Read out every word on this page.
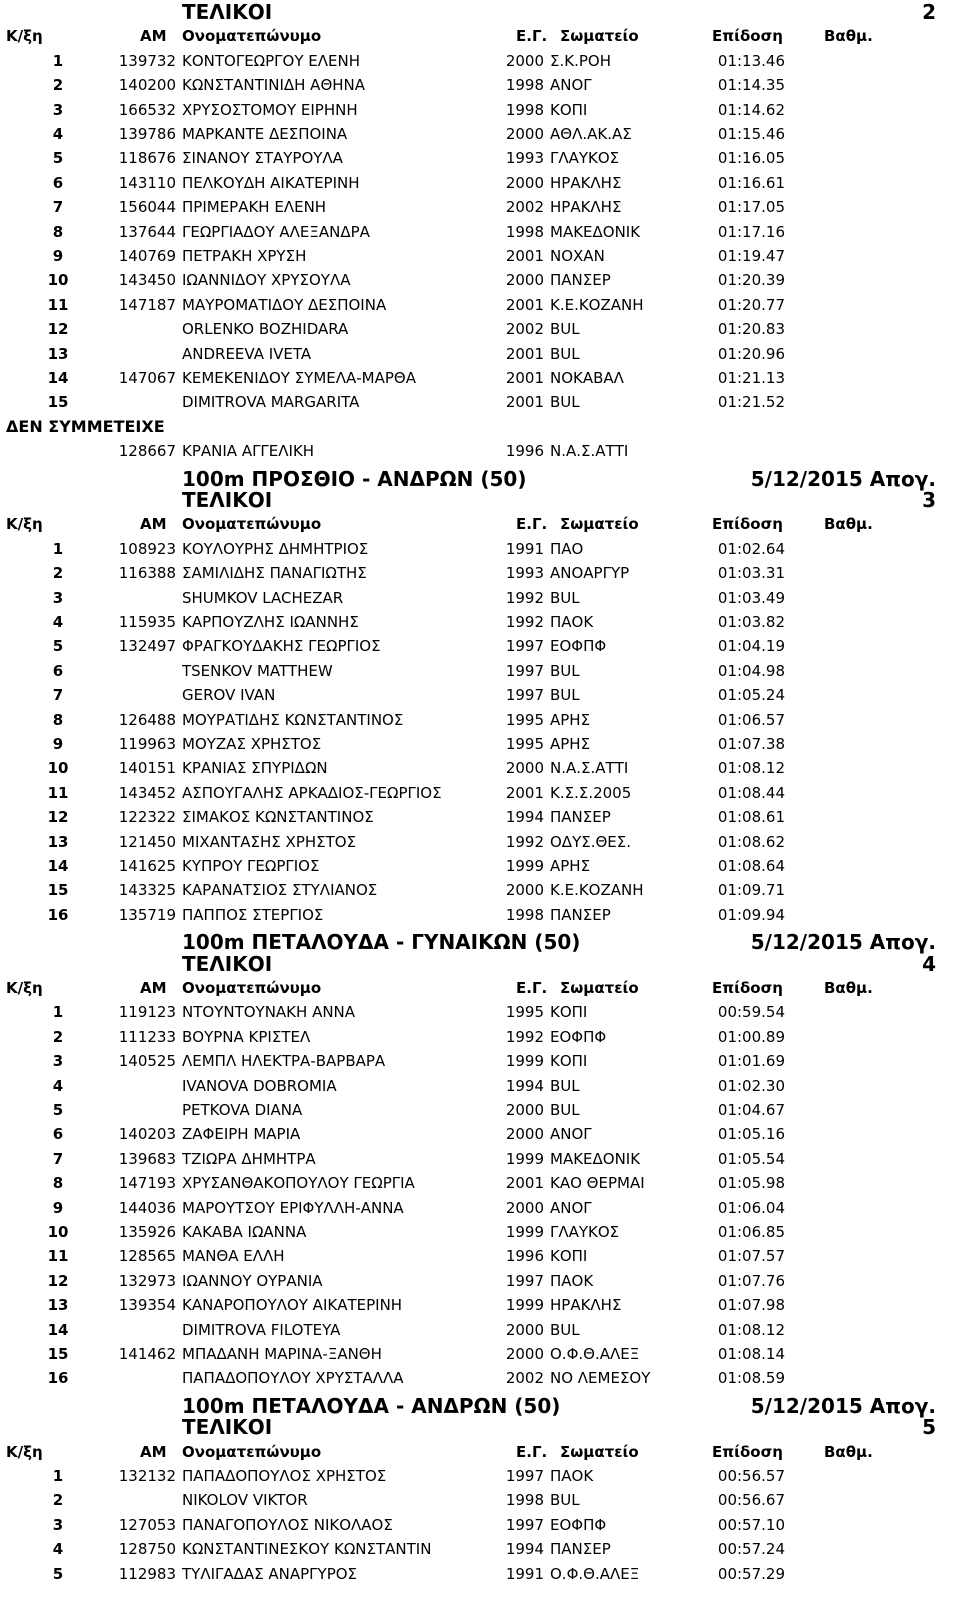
ΤΕΛΙΚΟΙ	2
Κ/ξη	ΑΜ Ονοματεπώνυμο	Ε.Γ. Σωματείο	Επίδοση	Βαθμ.
1	139732 ΚΟΝΤΟΓΕΩΡΓΟΥ ΕΛΕΝΗ	2000 Σ.Κ.ΡΟΗ	01:13.46
2	140200 ΚΩΝΣΤΑΝΤΙΝΙΔΗ ΑΘΗΝΑ	1998 ΑΝΟΓ	01:14.35
3	166532 ΧΡΥΣΟΣΤΟΜΟΥ ΕΙΡΗΝΗ	1998 ΚΟΠΙ	01:14.62
4	139786 ΜΑΡΚΑΝΤΕ ΔΕΣΠΟΙΝΑ	2000 ΑΘΛ.ΑΚ.ΑΣ	01:15.46
5	118676 ΣΙΝΑΝΟΥ ΣΤΑΥΡΟΥΛΑ	1993 ΓΛΑΥΚΟΣ	01:16.05
6	143110 ΠΕΛΚΟΥΔΗ ΑΙΚΑΤΕΡΙΝΗ	2000 ΗΡΑΚΛΗΣ	01:16.61
7	156044 ΠΡΙΜΕΡΑΚΗ ΕΛΕΝΗ	2002 ΗΡΑΚΛΗΣ	01:17.05
8	137644 ΓΕΩΡΓΙΑΔΟΥ ΑΛΕΞΑΝΔΡΑ	1998 ΜΑΚΕΔΟΝΙΚ	01:17.16
9	140769 ΠΕΤΡΑΚΗ ΧΡΥΣΗ	2001 ΝΟΧΑΝ	01:19.47
10	143450 ΙΩΑΝΝΙΔΟΥ ΧΡΥΣΟΥΛΑ	2000 ΠΑΝΣΕΡ	01:20.39
11	147187 ΜΑΥΡΟΜΑΤΙΔΟΥ ΔΕΣΠΟΙΝΑ	2001 Κ.Ε.ΚΟΖΑΝΗ	01:20.77
12	ORLENKO BOZHIDARA	2002 BUL	01:20.83
13	ANDREEVA IVETA	2001 BUL	01:20.96
14	147067 ΚΕΜΕΚΕΝΙΔΟΥ ΣΥΜΕΛΑ-ΜΑΡΘΑ	2001 ΝΟΚΑΒΑΛ	01:21.13
15	DIMITROVA MARGARITA	2001 BUL	01:21.52
ΔΕΝ ΣΥΜΜΕΤΕΙΧΕ
128667 ΚΡΑΝΙΑ ΑΓΓΕΛΙΚΗ	1996 Ν.Α.Σ.ΑΤΤΙ
100m ΠΡΟΣΘΙΟ - ΑΝΔΡΩΝ (50)	5/12/2015 Απογ.
ΤΕΛΙΚΟΙ	3
Κ/ξη	ΑΜ Ονοματεπώνυμο	Ε.Γ. Σωματείο	Επίδοση	Βαθμ.
1	108923 ΚΟΥΛΟΥΡΗΣ ΔΗΜΗΤΡΙΟΣ	1991 ΠΑΟ	01:02.64
2	116388 ΣΑΜΙΛΙΔΗΣ ΠΑΝΑΓΙΩΤΗΣ	1993 ΑΝΟΑΡΓΥΡ	01:03.31
3	SHUMKOV LACHEZAR	1992 BUL	01:03.49
4	115935 ΚΑΡΠΟΥΖΛΗΣ ΙΩΑΝΝΗΣ	1992 ΠΑΟΚ	01:03.82
5	132497 ΦΡΑΓΚΟΥΔΑΚΗΣ ΓΕΩΡΓΙΟΣ	1997 ΕΟΦΠΦ	01:04.19
6	TSENKOV MATTHEW	1997 BUL	01:04.98
7	GEROV IVAN	1997 BUL	01:05.24
8	126488 ΜΟΥΡΑΤΙΔΗΣ ΚΩΝΣΤΑΝΤΙΝΟΣ	1995 ΑΡΗΣ	01:06.57
9	119963 ΜΟΥΖΑΣ ΧΡΗΣΤΟΣ	1995 ΑΡΗΣ	01:07.38
10	140151 ΚΡΑΝΙΑΣ ΣΠΥΡΙΔΩΝ	2000 Ν.Α.Σ.ΑΤΤΙ	01:08.12
11	143452 ΑΣΠΟΥΓΑΛΗΣ ΑΡΚΑΔΙΟΣ-ΓΕΩΡΓΙΟΣ	2001 Κ.Σ.Σ.2005	01:08.44
12	122322 ΣΙΜΑΚΟΣ ΚΩΝΣΤΑΝΤΙΝΟΣ	1994 ΠΑΝΣΕΡ	01:08.61
13	121450 ΜΙΧΑΝΤΑΣΗΣ ΧΡΗΣΤΟΣ	1992 ΟΔΥΣ.ΘΕΣ.	01:08.62
14	141625 ΚΥΠΡΟΥ ΓΕΩΡΓΙΟΣ	1999 ΑΡΗΣ	01:08.64
15	143325 ΚΑΡΑΝΑΤΣΙΟΣ ΣΤΥΛΙΑΝΟΣ	2000 Κ.Ε.ΚΟΖΑΝΗ	01:09.71
16	135719 ΠΑΠΠΟΣ ΣΤΕΡΓΙΟΣ	1998 ΠΑΝΣΕΡ	01:09.94
100m ΠΕΤΑΛΟΥΔΑ - ΓΥΝΑΙΚΩΝ (50)	5/12/2015 Απογ.
ΤΕΛΙΚΟΙ	4
Κ/ξη	ΑΜ Ονοματεπώνυμο	Ε.Γ. Σωματείο	Επίδοση	Βαθμ.
1	119123 ΝΤΟΥΝΤΟΥΝΑΚΗ ΑΝΝΑ	1995 ΚΟΠΙ	00:59.54
2	111233 ΒΟΥΡΝΑ ΚΡΙΣΤΕΛ	1992 ΕΟΦΠΦ	01:00.89
3	140525 ΛΕΜΠΛ ΗΛΕΚΤΡΑ-ΒΑΡΒΑΡΑ	1999 ΚΟΠΙ	01:01.69
4	IVANOVA DOBROMIA	1994 BUL	01:02.30
5	PETKOVA DIANA	2000 BUL	01:04.67
6	140203 ΖΑΦΕΙΡΗ ΜΑΡΙΑ	2000 ΑΝΟΓ	01:05.16
7	139683 ΤΖΙΩΡΑ ΔΗΜΗΤΡΑ	1999 ΜΑΚΕΔΟΝΙΚ	01:05.54
8	147193 ΧΡΥΣΑΝΘΑΚΟΠΟΥΛΟΥ ΓΕΩΡΓΙΑ	2001 ΚΑΟ ΘΕΡΜΑΙ	01:05.98
9	144036 ΜΑΡΟΥΤΣΟΥ ΕΡΙΦΥΛΛΗ-ΑΝΝΑ	2000 ΑΝΟΓ	01:06.04
10	135926 ΚΑΚΑΒΑ ΙΩΑΝΝΑ	1999 ΓΛΑΥΚΟΣ	01:06.85
11	128565 ΜΑΝΘΑ ΕΛΛΗ	1996 ΚΟΠΙ	01:07.57
12	132973 ΙΩΑΝΝΟΥ ΟΥΡΑΝΙΑ	1997 ΠΑΟΚ	01:07.76
13	139354 ΚΑΝΑΡΟΠΟΥΛΟΥ ΑΙΚΑΤΕΡΙΝΗ	1999 ΗΡΑΚΛΗΣ	01:07.98
14	DIMITROVA FILOTEYA	2000 BUL	01:08.12
15	141462 ΜΠΑΔΑΝΗ ΜΑΡΙΝΑ-ΞΑΝΘΗ	2000 Ο.Φ.Θ.ΑΛΕΞ	01:08.14
16	ΠΑΠΑΔΟΠΟΥΛΟΥ ΧΡΥΣΤΑΛΛΑ	2002 ΝΟ ΛΕΜΕΣΟΥ	01:08.59
100m ΠΕΤΑΛΟΥΔΑ - ΑΝΔΡΩΝ (50)	5/12/2015 Απογ.
ΤΕΛΙΚΟΙ	5
Κ/ξη	ΑΜ Ονοματεπώνυμο	Ε.Γ. Σωματείο	Επίδοση	Βαθμ.
1	132132 ΠΑΠΑΔΟΠΟΥΛΟΣ ΧΡΗΣΤΟΣ	1997 ΠΑΟΚ	00:56.57
2	NIKOLOV VIKTOR	1998 BUL	00:56.67
3	127053 ΠΑΝΑΓΟΠΟΥΛΟΣ ΝΙΚΟΛΑΟΣ	1997 ΕΟΦΠΦ	00:57.10
4	128750 ΚΩΝΣΤΑΝΤΙΝΕΣΚΟΥ ΚΩΝΣΤΑΝΤΙΝ	1994 ΠΑΝΣΕΡ	00:57.24
5	112983 ΤΥΛΙΓΑΔΑΣ ΑΝΑΡΓΥΡΟΣ	1991 Ο.Φ.Θ.ΑΛΕΞ	00:57.29
